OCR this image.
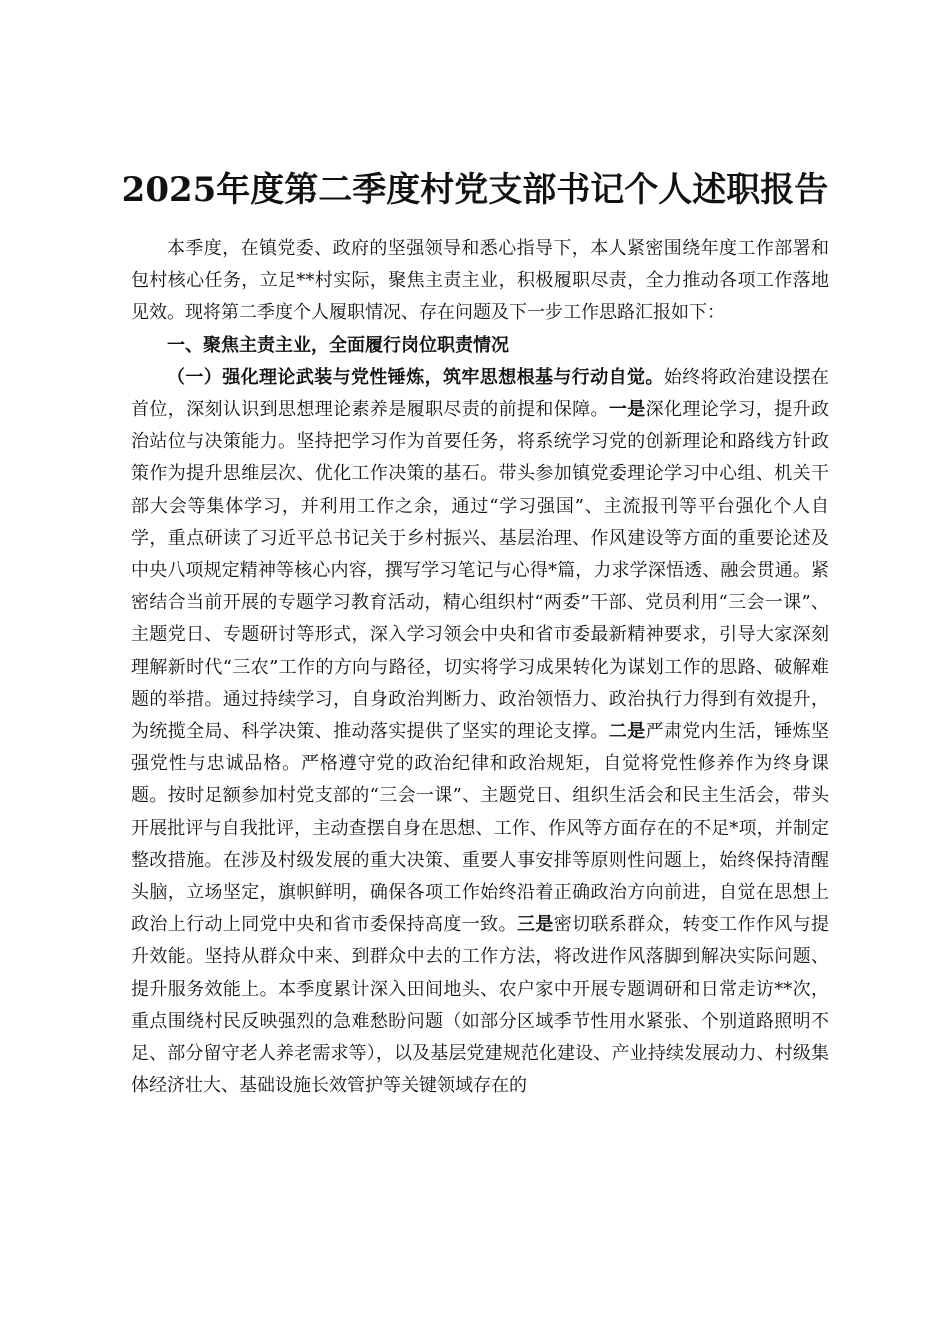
2025年度第二季度村党支部书记个人述职报告

本季度，在镇党委、政府的坚强领导和悉心指导下，本人紧密围绕年度工作部署和包村核心任务，立足**村实际，聚焦主责主业，积极履职尽责，全力推动各项工作落地见效。现将第二季度个人履职情况、存在问题及下一步工作思路汇报如下：

一、聚焦主责主业，全面履行岗位职责情况

（一）强化理论武装与党性锤炼，筑牢思想根基与行动自觉。始终将政治建设摆在首位，深刻认识到思想理论素养是履职尽责的前提和保障。一是深化理论学习，提升政治站位与决策能力。坚持把学习作为首要任务，将系统学习党的创新理论和路线方针政策作为提升思维层次、优化工作决策的基石。带头参加镇党委理论学习中心组、机关干部大会等集体学习，并利用工作之余，通过“学习强国”、主流报刊等平台强化个人自学，重点研读了习近平总书记关于乡村振兴、基层治理、作风建设等方面的重要论述及中央八项规定精神等核心内容，撰写学习笔记与心得*篇，力求学深悟透、融会贯通。紧密结合当前开展的专题学习教育活动，精心组织村“两委”干部、党员利用“三会一课”、主题党日、专题研讨等形式，深入学习领会中央和省市委最新精神要求，引导大家深刻理解新时代“三农”工作的方向与路径，切实将学习成果转化为谋划工作的思路、破解难题的举措。通过持续学习，自身政治判断力、政治领悟力、政治执行力得到有效提升，为统揽全局、科学决策、推动落实提供了坚实的理论支撑。二是严肃党内生活，锤炼坚强党性与忠诚品格。严格遵守党的政治纪律和政治规矩，自觉将党性修养作为终身课题。按时足额参加村党支部的“三会一课”、主题党日、组织生活会和民主生活会，带头开展批评与自我批评，主动查摆自身在思想、工作、作风等方面存在的不足*项，并制定整改措施。在涉及村级发展的重大决策、重要人事安排等原则性问题上，始终保持清醒头脑，立场坚定，旗帜鲜明，确保各项工作始终沿着正确政治方向前进，自觉在思想上政治上行动上同党中央和省市委保持高度一致。三是密切联系群众，转变工作作风与提升效能。坚持从群众中来、到群众中去的工作方法，将改进作风落脚到解决实际问题、提升服务效能上。本季度累计深入田间地头、农户家中开展专题调研和日常走访**次，重点围绕村民反映强烈的急难愁盼问题（如部分区域季节性用水紧张、个别道路照明不足、部分留守老人养老需求等），以及基层党建规范化建设、产业持续发展动力、村级集体经济壮大、基础设施长效管护等关键领域存在的
